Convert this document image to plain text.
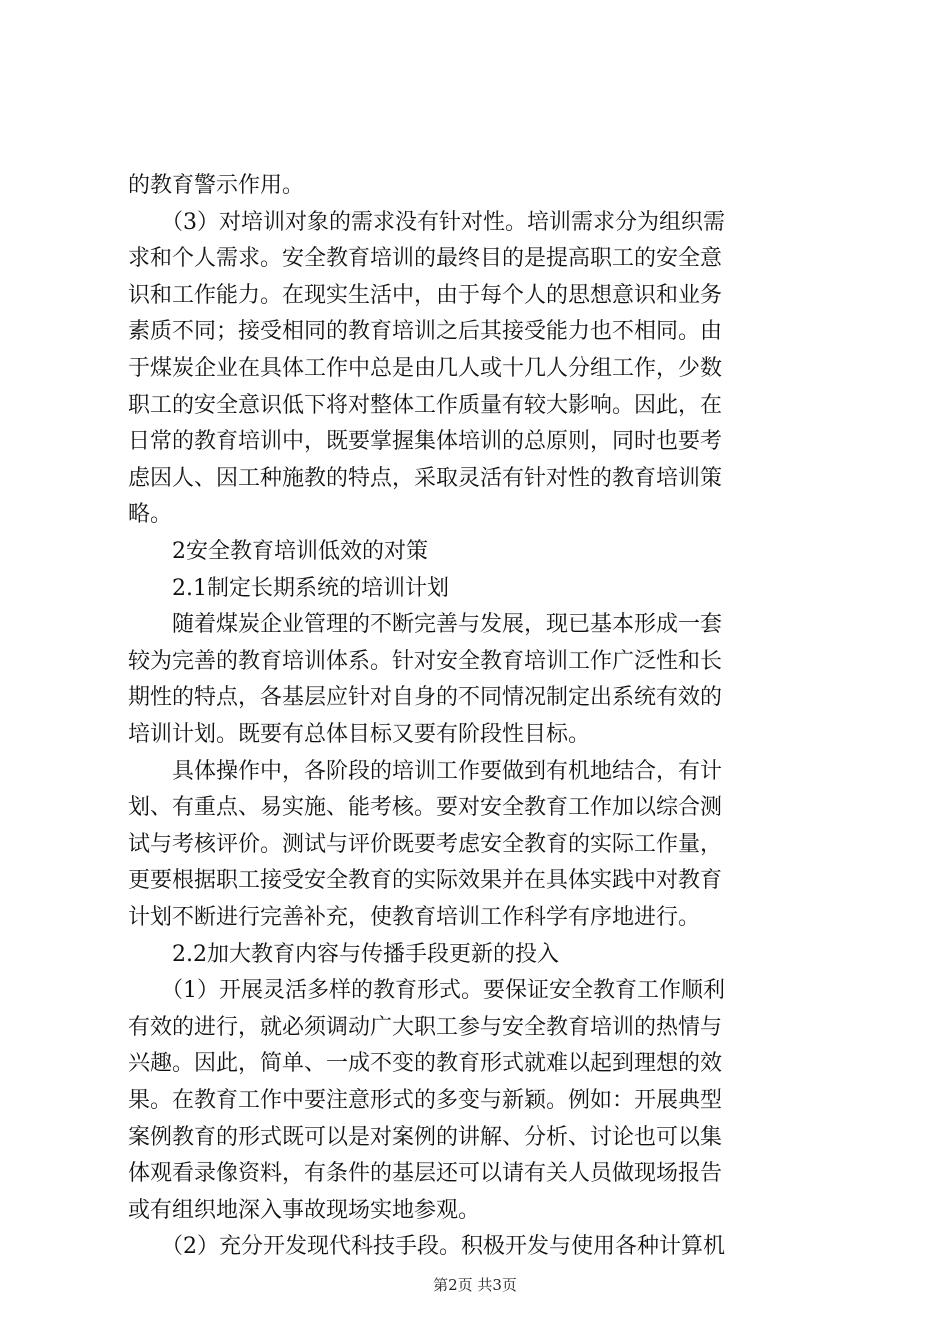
的教育警示作用。
　　（3）对培训对象的需求没有针对性。培训需求分为组织需
求和个人需求。安全教育培训的最终目的是提高职工的安全意
识和工作能力。在现实生活中，由于每个人的思想意识和业务
素质不同；接受相同的教育培训之后其接受能力也不相同。由
于煤炭企业在具体工作中总是由几人或十几人分组工作，少数
职工的安全意识低下将对整体工作质量有较大影响。因此，在
日常的教育培训中，既要掌握集体培训的总原则，同时也要考
虑因人、因工种施教的特点，采取灵活有针对性的教育培训策
略。
　　2安全教育培训低效的对策
　　2.1制定长期系统的培训计划
　　随着煤炭企业管理的不断完善与发展，现已基本形成一套
较为完善的教育培训体系。针对安全教育培训工作广泛性和长
期性的特点，各基层应针对自身的不同情况制定出系统有效的
培训计划。既要有总体目标又要有阶段性目标。
　　具体操作中，各阶段的培训工作要做到有机地结合，有计
划、有重点、易实施、能考核。要对安全教育工作加以综合测
试与考核评价。测试与评价既要考虑安全教育的实际工作量，
更要根据职工接受安全教育的实际效果并在具体实践中对教育
计划不断进行完善补充，使教育培训工作科学有序地进行。
　　2.2加大教育内容与传播手段更新的投入
　　（1）开展灵活多样的教育形式。要保证安全教育工作顺利
有效的进行，就必须调动广大职工参与安全教育培训的热情与
兴趣。因此，简单、一成不变的教育形式就难以起到理想的效
果。在教育工作中要注意形式的多变与新颖。例如：开展典型
案例教育的形式既可以是对案例的讲解、分析、讨论也可以集
体观看录像资料，有条件的基层还可以请有关人员做现场报告
或有组织地深入事故现场实地参观。
　　（2）充分开发现代科技手段。积极开发与使用各种计算机
第2页 共3页
